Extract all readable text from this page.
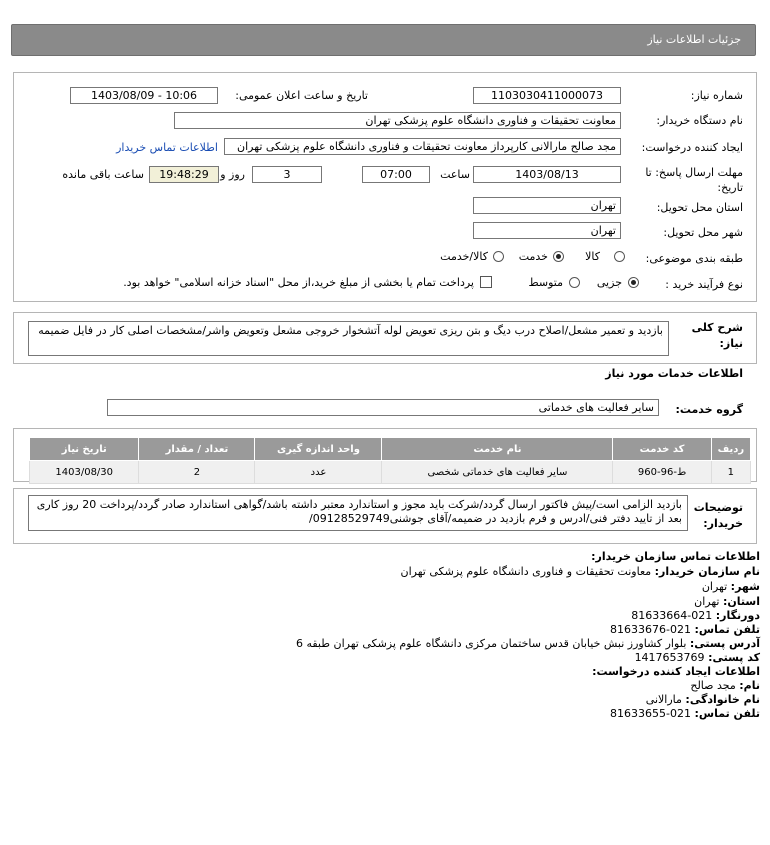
جزئیات اطلاعات نیاز
شماره نیاز:
1103030411000073
تاریخ و ساعت اعلان عمومی:
1403/08/09 - 10:06
نام دستگاه خریدار:
معاونت تحقیقات و فناوری دانشگاه علوم پزشکی تهران
ایجاد کننده درخواست:
مجد صالح مارالانی کارپرداز معاونت تحقیقات و فناوری دانشگاه علوم پزشکی تهران
اطلاعات تماس خریدار
مهلت ارسال پاسخ: تا تاریخ:
1403/08/13
ساعت
07:00
3
روز و
19:48:29
ساعت باقی مانده
استان محل تحویل:
تهران
شهر محل تحویل:
تهران
طبقه بندی موضوعی:
کالا
خدمت
کالا/خدمت
نوع فرآیند خرید :
جزیی
متوسط
پرداخت تمام یا بخشی از مبلغ خرید،از محل "اسناد خزانه اسلامی" خواهد بود.
شرح کلی نیاز:
بازدید و تعمیر مشعل/اصلاح درب دیگ و بتن ریزی تعویض لوله آتشخوار خروجی مشعل وتعویض واشر/مشخصات اصلی کار در فایل ضمیمه
اطلاعات خدمات مورد نیاز
گروه خدمت:
سایر فعالیت های خدماتی
ردیف	کد خدمت	نام خدمت	واحد اندازه گیری	تعداد / مقدار	تاریخ نیاز
1	ط-96-960	سایر فعالیت های خدماتی شخصی	عدد	2	1403/08/30
توضیحات خریدار:
بازدید الزامی است/پیش فاکتور ارسال گردد/شرکت باید مجوز و استاندارد معتبر داشته باشد/گواهی استاندارد صادر گردد/پرداخت 20 روز کاری بعد از تایید دفتر فنی/ادرس و فرم بازدید در ضمیمه/آقای جوشنی09128529749/
اطلاعات تماس سازمان خریدار:
نام سازمان خریدار: معاونت تحقیقات و فناوری دانشگاه علوم پزشکی تهران
شهر: تهران
استان: تهران
دورنگار: 021-81633664
تلفن تماس: 021-81633676
آدرس پستی: بلوار کشاورز نبش خیابان قدس ساختمان مرکزی دانشگاه علوم پزشکی تهران طبقه 6
کد پستی: 1417653769
اطلاعات ایجاد کننده درخواست:
نام: مجد صالح
نام خانوادگی: مارالانی
تلفن تماس: 021-81633655
